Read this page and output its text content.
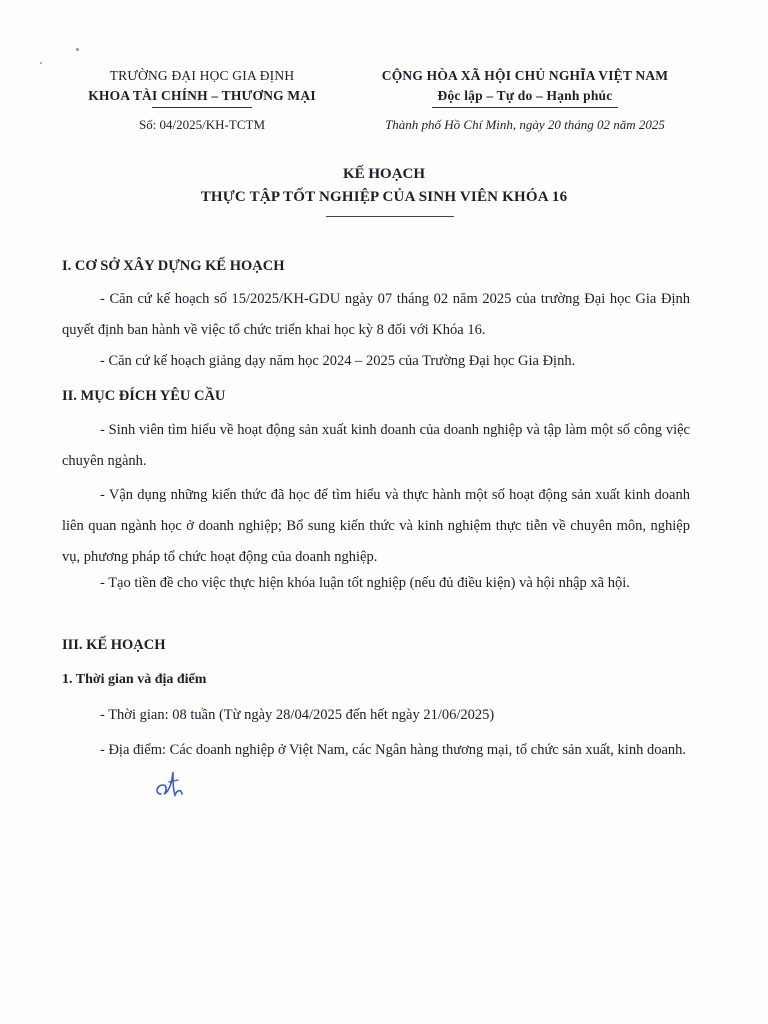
TRƯỜNG ĐẠI HỌC GIA ĐỊNH
KHOA TÀI CHÍNH – THƯƠNG MẠI
Số: 04/2025/KH-TCTM
CỘNG HÒA XÃ HỘI CHỦ NGHĨA VIỆT NAM
Độc lập – Tự do – Hạnh phúc
Thành phố Hồ Chí Minh, ngày 20 tháng 02 năm 2025
KẾ HOẠCH
THỰC TẬP TỐT NGHIỆP CỦA SINH VIÊN KHÓA 16
I. CƠ SỞ XÂY DỰNG KẾ HOẠCH
- Căn cứ kế hoạch số 15/2025/KH-GDU ngày 07 tháng 02 năm 2025 của trường Đại học Gia Định quyết định ban hành về việc tổ chức triển khai học kỳ 8 đối với Khóa 16.
- Căn cứ kế hoạch giảng dạy năm học 2024 – 2025 của Trường Đại học Gia Định.
II. MỤC ĐÍCH YÊU CẦU
- Sinh viên tìm hiểu về hoạt động sản xuất kinh doanh của doanh nghiệp và tập làm một số công việc chuyên ngành.
- Vận dụng những kiến thức đã học để tìm hiểu và thực hành một số hoạt động sản xuất kinh doanh liên quan ngành học ở doanh nghiệp; Bổ sung kiến thức và kinh nghiệm thực tiễn về chuyên môn, nghiệp vụ, phương pháp tổ chức hoạt động của doanh nghiệp.
- Tạo tiền đề cho việc thực hiện khóa luận tốt nghiệp (nếu đủ điều kiện) và hội nhập xã hội.
III. KẾ HOẠCH
1. Thời gian và địa điểm
- Thời gian: 08 tuần (Từ ngày 28/04/2025 đến hết ngày 21/06/2025)
- Địa điểm: Các doanh nghiệp ở Việt Nam, các Ngân hàng thương mại, tổ chức sản xuất, kinh doanh.
